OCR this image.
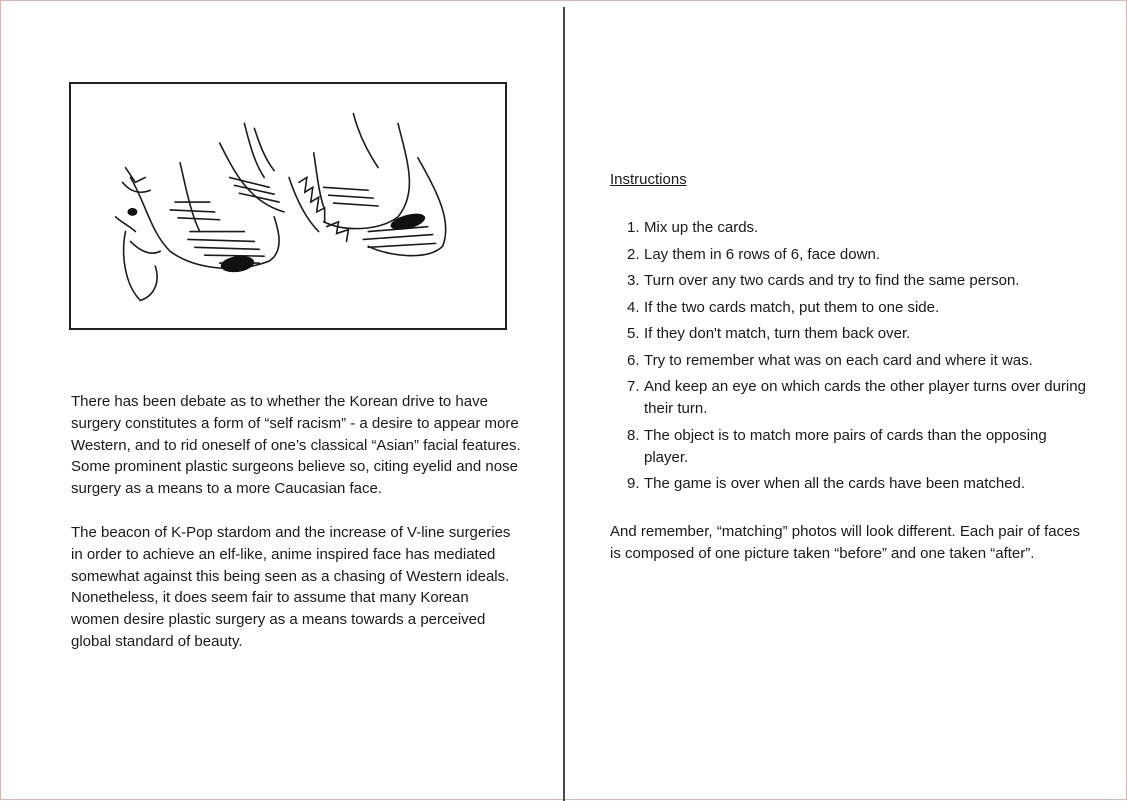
There has been debate as to whether the Korean drive to have surgery constitutes a form of “self racism” - a desire to appear more Western, and to rid oneself of one’s classical “Asian” facial features. Some prominent plastic surgeons believe so, citing eyelid and nose surgery as a means to a more Caucasian face.

The beacon of K-Pop stardom and the increase of V-line surgeries in order to achieve an elf-like, anime inspired face has mediated somewhat against this being seen as a chasing of Western ideals. Nonetheless, it does seem fair to assume that many Korean women desire plastic surgery as a means towards a perceived global standard of beauty.

Instructions
1. Mix up the cards.
2. Lay them in 6 rows of 6, face down.
3. Turn over any two cards and try to find the same person.
4. If the two cards match, put them to one side.
5. If they don't match, turn them back over.
6. Try to remember what was on each card and where it was.
7. And keep an eye on which cards the other player turns over during their turn.
8. The object is to match more pairs of cards than the opposing player.
9. The game is over when all the cards have been matched.
And remember, “matching” photos will look different. Each pair of faces is composed of one picture taken “before” and one taken “after”.
